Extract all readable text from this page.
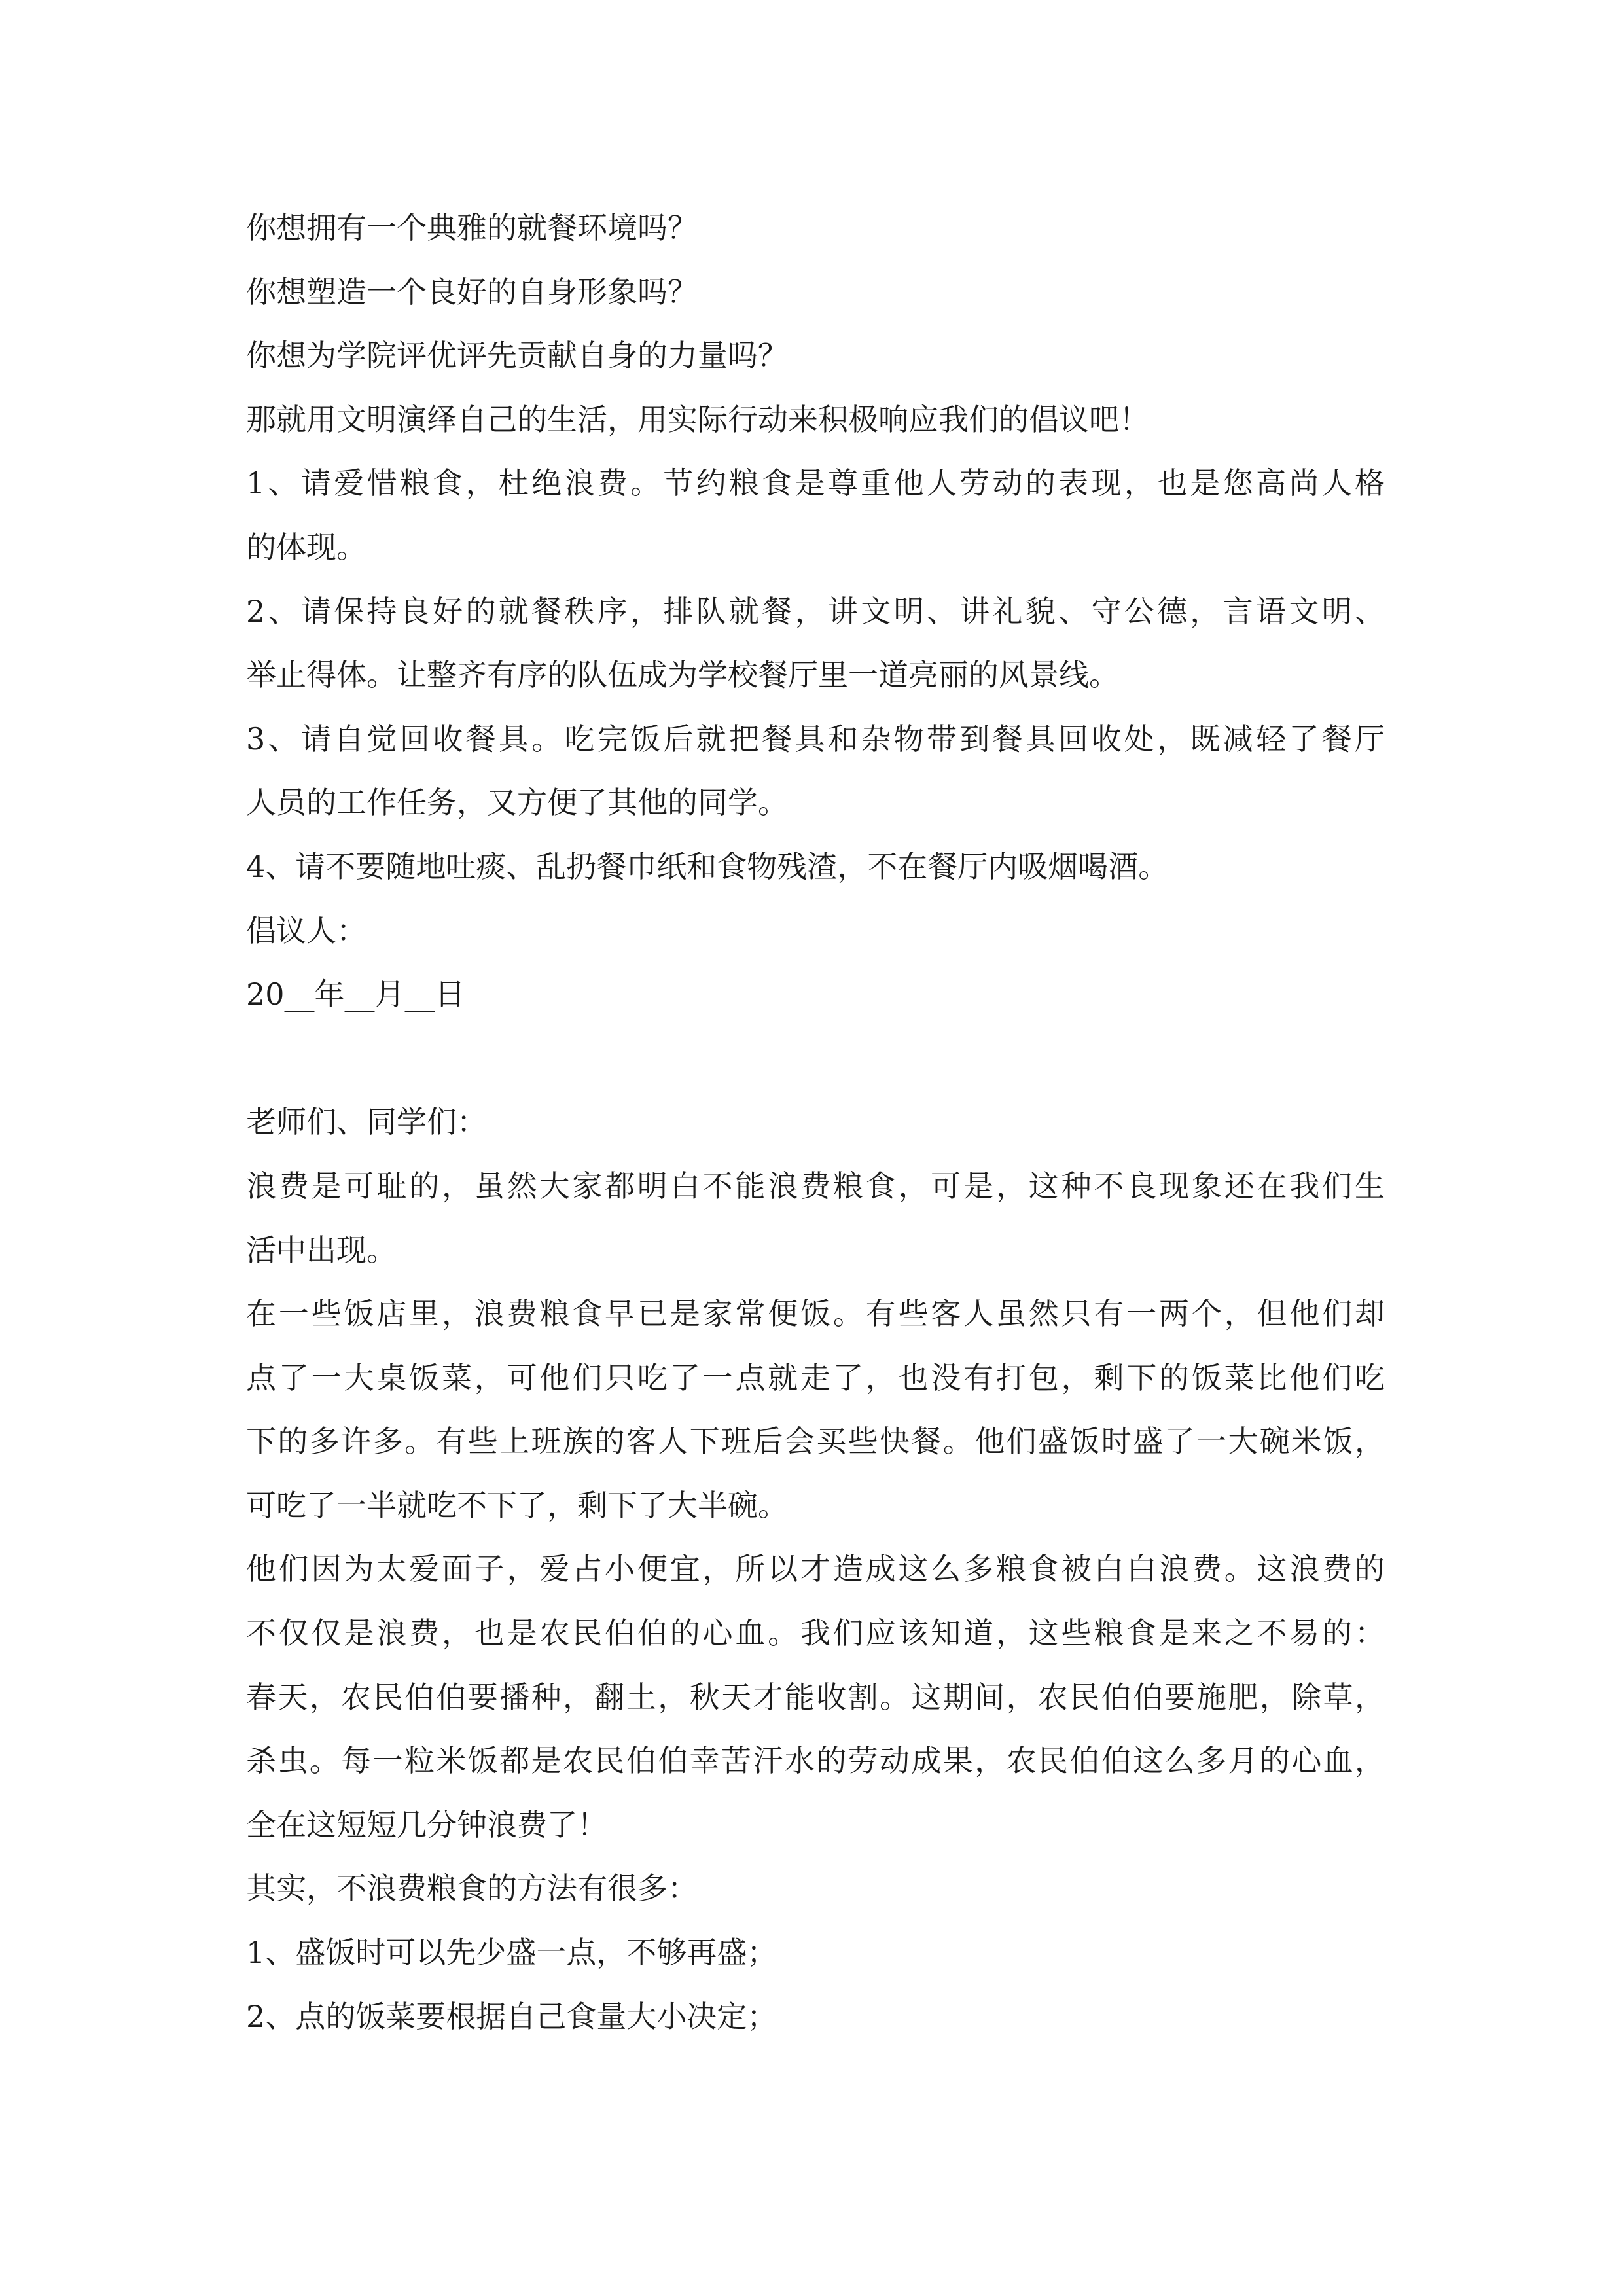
你想拥有一个典雅的就餐环境吗？
你想塑造一个良好的自身形象吗？
你想为学院评优评先贡献自身的力量吗？
那就用文明演绎自己的生活，用实际行动来积极响应我们的倡议吧！
1、请爱惜粮食，杜绝浪费。节约粮食是尊重他人劳动的表现，也是您高尚人格
的体现。
2、请保持良好的就餐秩序，排队就餐，讲文明、讲礼貌、守公德，言语文明、
举止得体。让整齐有序的队伍成为学校餐厅里一道亮丽的风景线。
3、请自觉回收餐具。吃完饭后就把餐具和杂物带到餐具回收处，既减轻了餐厅
人员的工作任务，又方便了其他的同学。
4、请不要随地吐痰、乱扔餐巾纸和食物残渣，不在餐厅内吸烟喝酒。
倡议人：
20__年__月__日
老师们、同学们：
浪费是可耻的，虽然大家都明白不能浪费粮食，可是，这种不良现象还在我们生
活中出现。
在一些饭店里，浪费粮食早已是家常便饭。有些客人虽然只有一两个，但他们却
点了一大桌饭菜，可他们只吃了一点就走了，也没有打包，剩下的饭菜比他们吃
下的多许多。有些上班族的客人下班后会买些快餐。他们盛饭时盛了一大碗米饭，
可吃了一半就吃不下了，剩下了大半碗。
他们因为太爱面子，爱占小便宜，所以才造成这么多粮食被白白浪费。这浪费的
不仅仅是浪费，也是农民伯伯的心血。我们应该知道，这些粮食是来之不易的：
春天，农民伯伯要播种，翻土，秋天才能收割。这期间，农民伯伯要施肥，除草，
杀虫。每一粒米饭都是农民伯伯幸苦汗水的劳动成果，农民伯伯这么多月的心血，
全在这短短几分钟浪费了！
其实，不浪费粮食的方法有很多：
1、盛饭时可以先少盛一点，不够再盛；
2、点的饭菜要根据自己食量大小决定；
